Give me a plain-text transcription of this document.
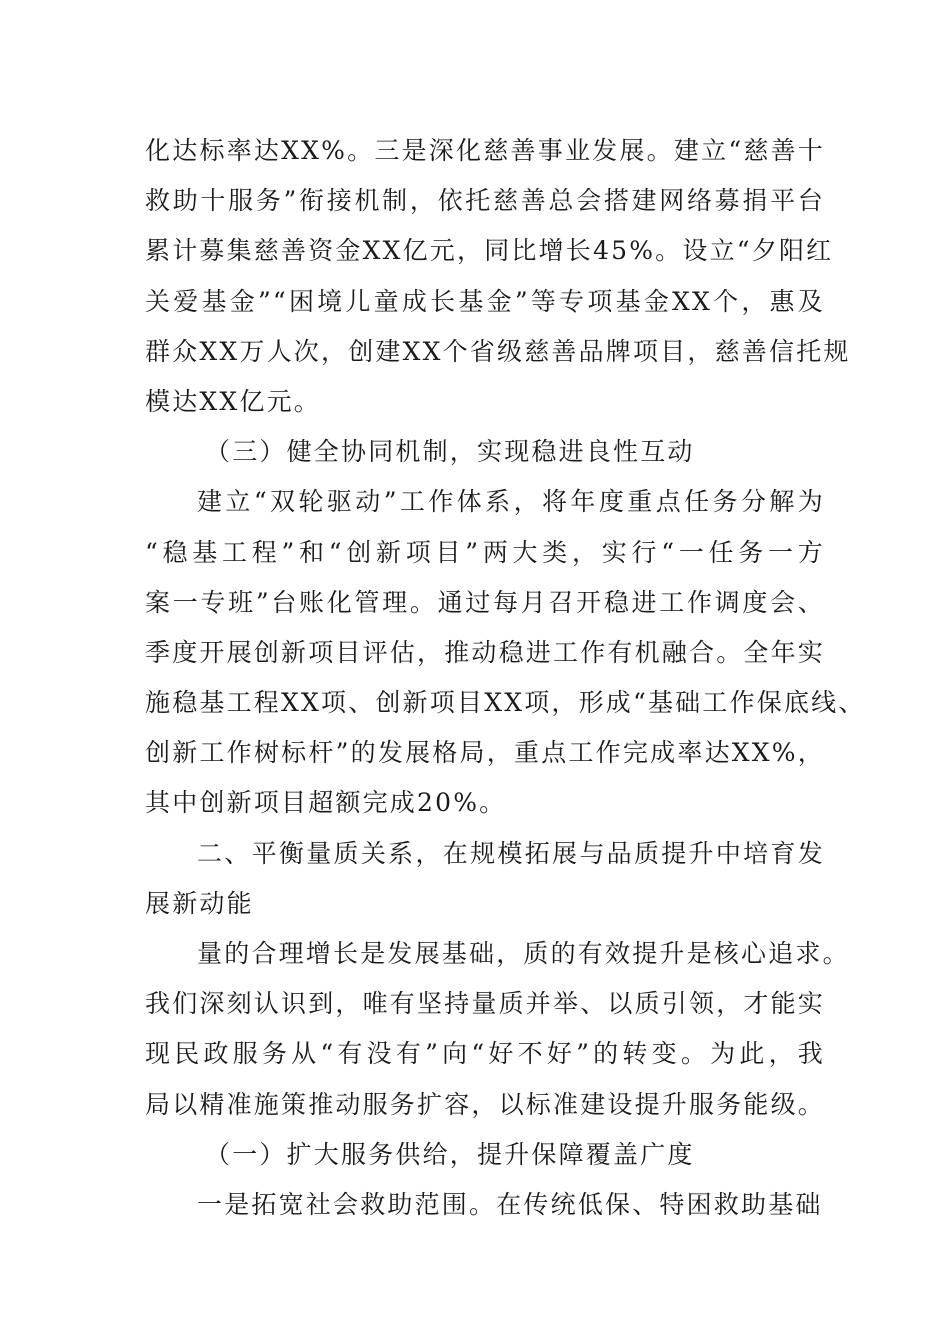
化达标率达XX%。三是深化慈善事业发展。建立“慈善十
救助十服务”衔接机制，依托慈善总会搭建网络募捐平台
累计募集慈善资金XX亿元，同比增长45%。设立“夕阳红
关爱基金”“困境儿童成长基金”等专项基金XX个，惠及
群众XX万人次，创建XX个省级慈善品牌项目，慈善信托规
模达XX亿元。
（三）健全协同机制，实现稳进良性互动
建立“双轮驱动”工作体系，将年度重点任务分解为
“稳基工程”和“创新项目”两大类，实行“一任务一方
案一专班”台账化管理。通过每月召开稳进工作调度会、
季度开展创新项目评估，推动稳进工作有机融合。全年实
施稳基工程XX项、创新项目XX项，形成“基础工作保底线、
创新工作树标杆”的发展格局，重点工作完成率达XX%，
其中创新项目超额完成20%。
二、平衡量质关系，在规模拓展与品质提升中培育发
展新动能
量的合理增长是发展基础，质的有效提升是核心追求。
我们深刻认识到，唯有坚持量质并举、以质引领，才能实
现民政服务从“有没有”向“好不好”的转变。为此，我
局以精准施策推动服务扩容，以标准建设提升服务能级。
（一）扩大服务供给，提升保障覆盖广度
一是拓宽社会救助范围。在传统低保、特困救助基础
